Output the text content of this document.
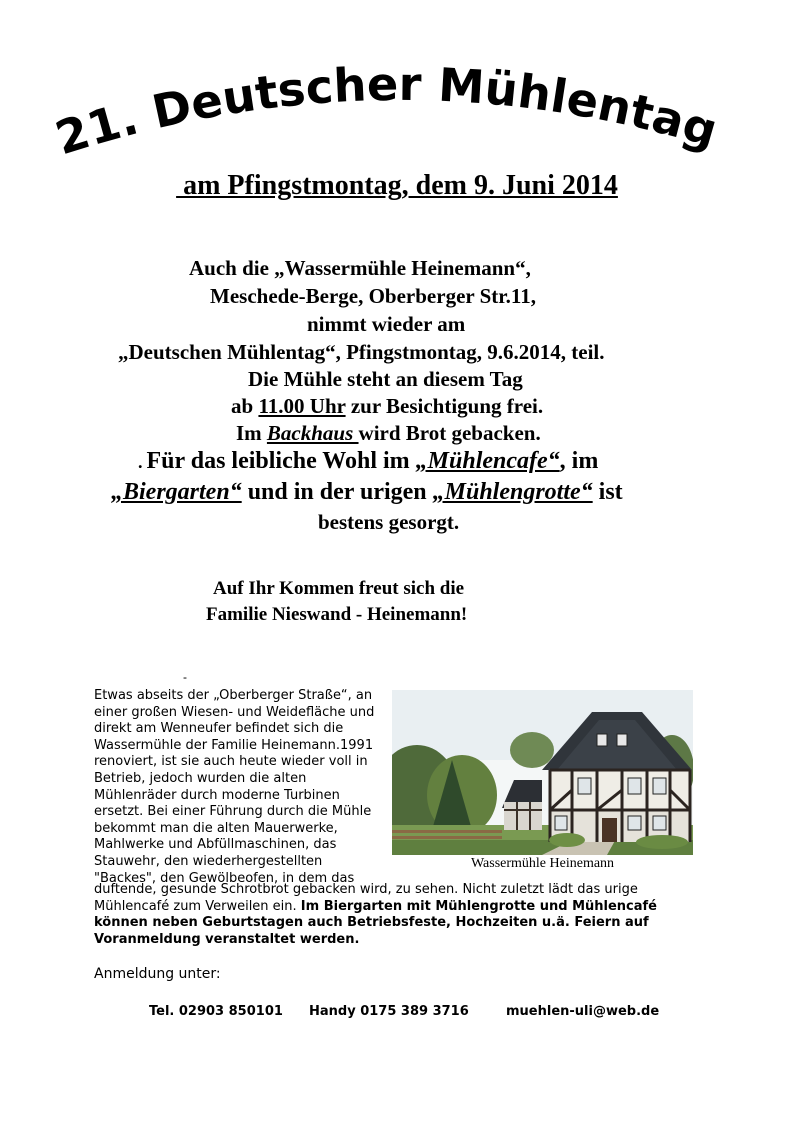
21. Deutscher Mühlentag
am Pfingstmontag, dem 9. Juni 2014
Auch die „Wassermühle Heinemann“,
Meschede-Berge, Oberberger Str.11,
nimmt wieder am
„Deutschen Mühlentag“, Pfingstmontag, 9.6.2014, teil.
Die Mühle steht an diesem Tag
ab 11.00 Uhr zur Besichtigung frei.
Im Backhaus wird Brot gebacken.
. Für das leibliche Wohl im „Mühlencafe“, im
„Biergarten“ und in der urigen „Mühlengrotte“ ist
bestens gesorgt.
Auf Ihr Kommen freut sich die
Familie Nieswand - Heinemann!
-
Etwas abseits der „Oberberger Straße“, an
einer großen Wiesen- und Weidefläche und
direkt am Wenneufer befindet sich die
Wassermühle der Familie Heinemann.1991
renoviert, ist sie auch heute wieder voll in
Betrieb, jedoch wurden die alten
Mühlenräder durch moderne Turbinen
ersetzt. Bei einer Führung durch die Mühle
bekommt man die alten Mauerwerke,
Mahlwerke und Abfüllmaschinen, das
Stauwehr, den wiederhergestellten
"Backes", den Gewölbeofen, in dem das
Wassermühle Heinemann
duftende, gesunde Schrotbrot gebacken wird, zu sehen. Nicht zuletzt lädt das urige
Mühlencafé zum Verweilen ein. Im Biergarten mit Mühlengrotte und Mühlencafé
können neben Geburtstagen auch Betriebsfeste, Hochzeiten u.ä. Feiern auf
Voranmeldung veranstaltet werden.
Anmeldung unter:
Tel. 02903 850101 Handy 0175 389 3716	muehlen-uli@web.de
